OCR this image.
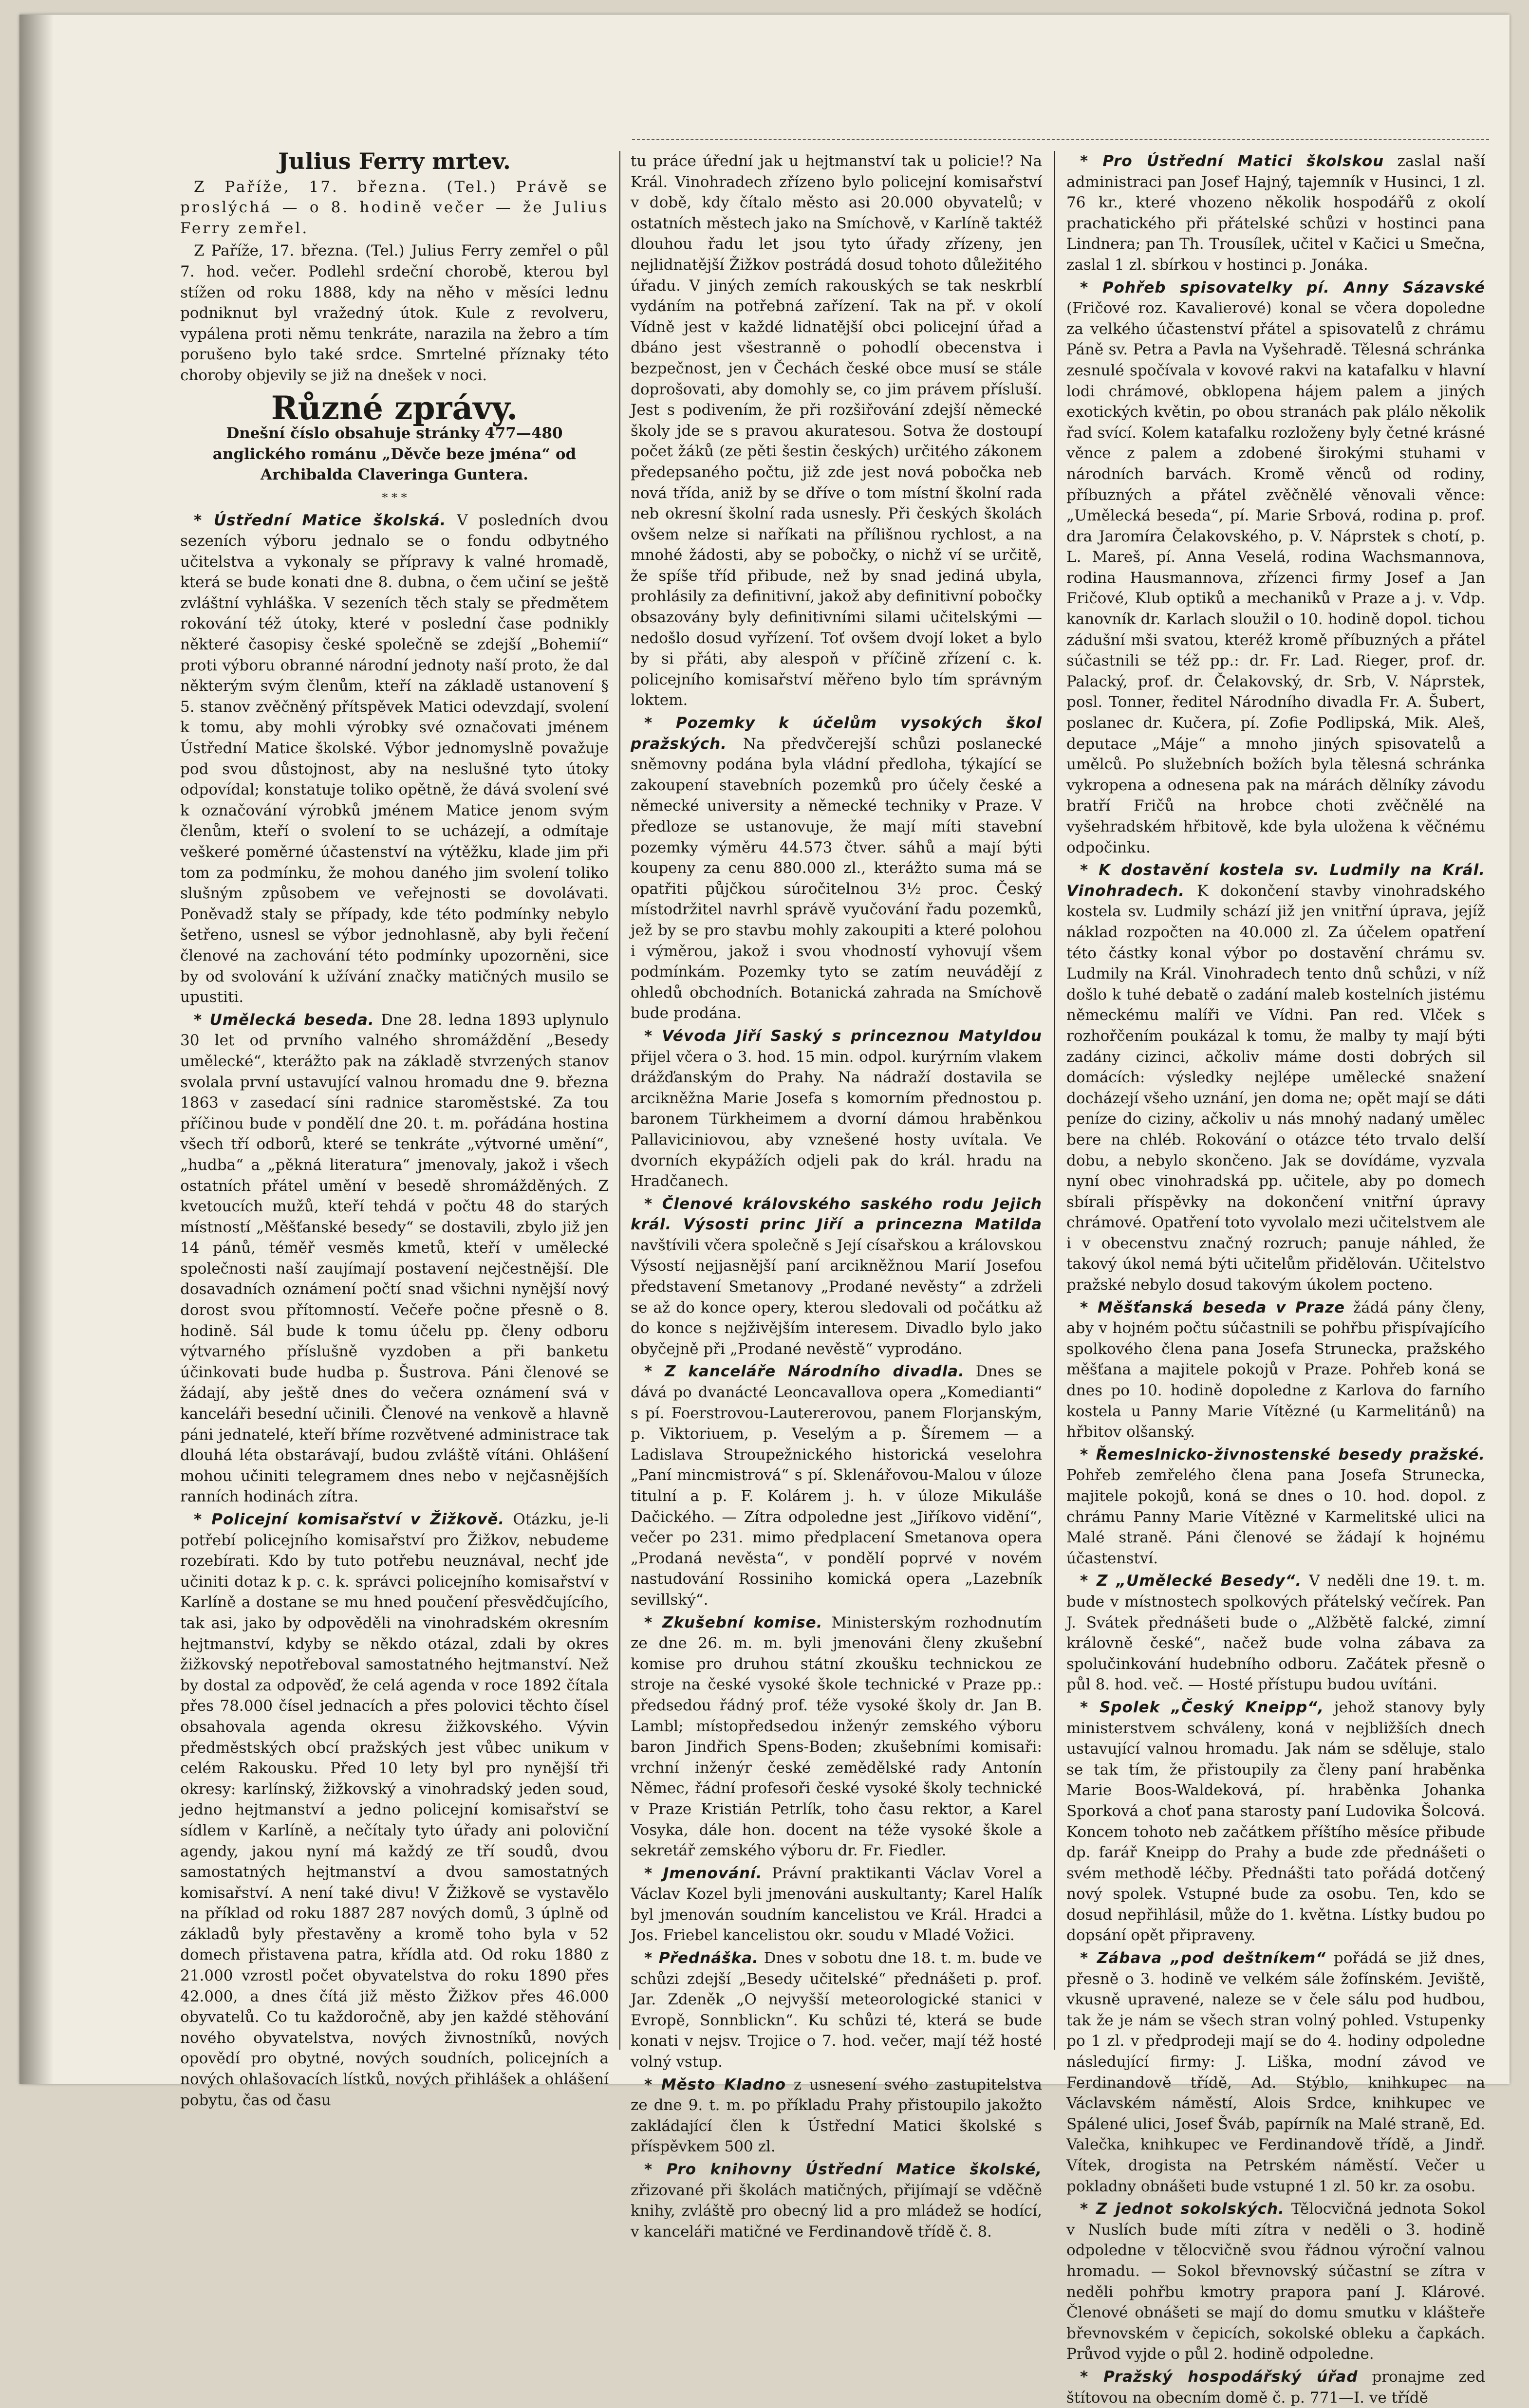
Julius Ferry mrtev.

Z Paříže, 17. března. (Tel.) Právě se proslýchá — o 8. hodině večer — že Julius Ferry zemřel.

Z Paříže, 17. března. (Tel.) Julius Ferry zemřel o půl 7. hod. večer. Podlehl srdeční chorobě, kterou byl stížen od roku 1888, kdy na něho v měsíci lednu podniknut byl vražedný útok. Kule z revolveru, vypálena proti němu tenkráte, narazila na žebro a tím porušeno bylo také srdce. Smrtelné příznaky této choroby objevily se již na dnešek v noci.

Různé zprávy.

Dnešní číslo obsahuje stránky 477—480 anglického románu „Děvče beze jména“ od Archibalda Claveringa Guntera.

* * *

* Ústřední Matice školská. V posledních dvou sezeních výboru jednalo se o fondu odbytného učitelstva a vykonaly se přípravy k valné hromadě, která se bude konati dne 8. dubna, o čem učiní se ještě zvláštní vyhláška. V sezeních těch staly se předmětem rokování též útoky, které v poslední čase podnikly některé časopisy české společně se zdejší „Bohemií“ proti výboru obranné národní jednoty naší proto, že dal některým svým členům, kteří na základě ustanovení § 5. stanov zvěčněný přítspěvek Matici odevzdají, svolení k tomu, aby mohli výrobky své označovati jménem Ústřední Matice školské. Výbor jednomyslně považuje pod svou důstojnost, aby na neslušné tyto útoky odpovídal; konstatuje toliko opětně, že dává svolení své k označování výrobků jménem Matice jenom svým členům, kteří o svolení to se ucházejí, a odmítaje veškeré poměrné účastenství na výtěžku, klade jim při tom za podmínku, že mohou daného jim svolení toliko slušným způsobem ve veřejnosti se dovolávati. Poněvadž staly se případy, kde této podmínky nebylo šetřeno, usnesl se výbor jednohlasně, aby byli řečení členové na zachování této podmínky upozorněni, sice by od svolování k užívání značky matičných musilo se upustiti.

* Umělecká beseda. Dne 28. ledna 1893 uplynulo 30 let od prvního valného shromáždění „Besedy umělecké“, kterážto pak na základě stvrzených stanov svolala první ustavující valnou hromadu dne 9. března 1863 v zasedací síni radnice staroměstské. Za tou příčinou bude v pondělí dne 20. t. m. pořádána hostina všech tří odborů, které se tenkráte „výtvorné umění“, „hudba“ a „pěkná literatura“ jmenovaly, jakož i všech ostatních přátel umění v besedě shromážděných. Z kvetoucích mužů, kteří tehdá v počtu 48 do starých místností „Měšťanské besedy“ se dostavili, zbylo již jen 14 pánů, téměř vesměs kmetů, kteří v umělecké společnosti naší zaujímají postavení nejčestnější. Dle dosavadních oznámení počtí snad všichni nynější nový dorost svou přítomností. Večeře počne přesně o 8. hodině. Sál bude k tomu účelu pp. členy odboru výtvarného příslušně vyzdoben a při banketu účinkovati bude hudba p. Šustrova. Páni členové se žádají, aby ještě dnes do večera oznámení svá v kanceláři besední učinili. Členové na venkově a hlavně páni jednatelé, kteří bříme rozvětvené administrace tak dlouhá léta obstarávají, budou zvláště vítáni. Ohlášení mohou učiniti telegramem dnes nebo v nejčasnějších ranních hodinách zítra.

* Policejní komisařství v Žižkově. Otázku, je-li potřebí policejního komisařství pro Žižkov, nebudeme rozebírati. Kdo by tuto potřebu neuznával, nechť jde učiniti dotaz k p. c. k. správci policejního komisařství v Karlíně a dostane se mu hned poučení přesvědčujícího, tak asi, jako by odpověděli na vinohradském okresním hejtmanství, kdyby se někdo otázal, zdali by okres žižkovský nepotřeboval samostatného hejtmanství. Než by dostal za odpověď, že celá agenda v roce 1892 čítala přes 78.000 čísel jednacích a přes polovici těchto čísel obsahovala agenda okresu žižkovského. Vývin předměstských obcí pražských jest vůbec unikum v celém Rakousku. Před 10 lety byl pro nynější tři okresy: karlínský, žižkovský a vinohradský jeden soud, jedno hejtmanství a jedno policejní komisařství se sídlem v Karlíně, a nečítaly tyto úřady ani poloviční agendy, jakou nyní má každý ze tří soudů, dvou samostatných hejtmanství a dvou samostatných komisařství. A není také divu! V Žižkově se vystavělo na příklad od roku 1887 287 nových domů, 3 úplně od základů byly přestavěny a kromě toho byla v 52 domech přistavena patra, křídla atd. Od roku 1880 z 21.000 vzrostl počet obyvatelstva do roku 1890 přes 42.000, a dnes čítá již město Žižkov přes 46.000 obyvatelů. Co tu každoročně, aby jen každé stěhování nového obyvatelstva, nových živnostníků, nových opovědí pro obytné, nových soudních, policejních a nových ohlašovacích lístků, nových přihlášek a ohlášení pobytu, čas od času

tu práce úřední jak u hejtmanství tak u policie!? Na Král. Vinohradech zřízeno bylo policejní komisařství v době, kdy čítalo město asi 20.000 obyvatelů; v ostatních městech jako na Smíchově, v Karlíně taktéž dlouhou řadu let jsou tyto úřady zřízeny, jen nejlidnatější Žižkov postrádá dosud tohoto důležitého úřadu. V jiných zemích rakouských se tak neskrblí vydáním na potřebná zařízení. Tak na př. v okolí Vídně jest v každé lidnatější obci policejní úřad a dbáno jest všestranně o pohodlí obecenstva i bezpečnost, jen v Čechách české obce musí se stále doprošovati, aby domohly se, co jim právem přísluší. Jest s podivením, že při rozšiřování zdejší německé školy jde se s pravou akuratesou. Sotva že dostoupí počet žáků (ze pěti šestin českých) určitého zákonem předepsaného počtu, již zde jest nová pobočka neb nová třída, aniž by se dříve o tom místní školní rada neb okresní školní rada usnesly. Při českých školách ovšem nelze si naříkati na přílišnou rychlost, a na mnohé žádosti, aby se pobočky, o nichž ví se určitě, že spíše tříd přibude, než by snad jediná ubyla, prohlásily za definitivní, jakož aby definitivní pobočky obsazovány byly definitivními silami učitelskými — nedošlo dosud vyřízení. Toť ovšem dvojí loket a bylo by si přáti, aby alespoň v příčině zřízení c. k. policejního komisařství měřeno bylo tím správným loktem.

* Pozemky k účelům vysokých škol pražských. Na předvčerejší schůzi poslanecké sněmovny podána byla vládní předloha, týkající se zakoupení stavebních pozemků pro účely české a německé university a německé techniky v Praze. V předloze se ustanovuje, že mají míti stavební pozemky výměru 44.573 čtver. sáhů a mají býti koupeny za cenu 880.000 zl., kterážto suma má se opatřiti půjčkou súročitelnou 3½ proc. Český místodržitel navrhl správě vyučování řadu pozemků, jež by se pro stavbu mohly zakoupiti a které polohou i výměrou, jakož i svou vhodností vyhovují všem podmínkám. Pozemky tyto se zatím neuvádějí z ohledů obchodních. Botanická zahrada na Smíchově bude prodána.

* Vévoda Jiří Saský s princeznou Matyldou přijel včera o 3. hod. 15 min. odpol. kurýrním vlakem drážďanským do Prahy. Na nádraží dostavila se arcikněžna Marie Josefa s komorním přednostou p. baronem Türkheimem a dvorní dámou hraběnkou Pallaviciniovou, aby vznešené hosty uvítala. Ve dvorních ekypážích odjeli pak do král. hradu na Hradčanech.

* Členové královského saského rodu Jejich král. Výsosti princ Jiří a princezna Matilda navštívili včera společně s Její císařskou a královskou Výsostí nejjasnější paní arcikněžnou Marií Josefou představení Smetanovy „Prodané nevěsty“ a zdrželi se až do konce opery, kterou sledovali od počátku až do konce s nejživějším interesem. Divadlo bylo jako obyčejně při „Prodané nevěstě“ vyprodáno.

* Z kanceláře Národního divadla. Dnes se dává po dvanácté Leoncavallova opera „Komedianti“ s pí. Foerstrovou-Lautererovou, panem Florjanským, p. Viktoriuem, p. Veselým a p. Šíremem — a Ladislava Stroupežnického historická veselohra „Paní mincmistrová“ s pí. Sklenářovou-Malou v úloze titulní a p. F. Kolárem j. h. v úloze Mikuláše Dačického. — Zítra odpoledne jest „Jiříkovo vidění“, večer po 231. mimo předplacení Smetanova opera „Prodaná nevěsta“, v pondělí poprvé v novém nastudování Rossiniho komická opera „Lazebník sevillský“.

* Zkušební komise. Ministerským rozhodnutím ze dne 26. m. m. byli jmenováni členy zkušební komise pro druhou státní zkoušku technickou ze stroje na české vysoké škole technické v Praze pp.: předsedou řádný prof. téže vysoké školy dr. Jan B. Lambl; místopředsedou inženýr zemského výboru baron Jindřich Spens-Boden; zkušebními komisaři: vrchní inženýr české zemědělské rady Antonín Němec, řádní profesoři české vysoké školy technické v Praze Kristián Petrlík, toho času rektor, a Karel Vosyka, dále hon. docent na téže vysoké škole a sekretář zemského výboru dr. Fr. Fiedler.

* Jmenování. Právní praktikanti Václav Vorel a Václav Kozel byli jmenováni auskultanty; Karel Halík byl jmenován soudním kancelistou ve Král. Hradci a Jos. Friebel kancelistou okr. soudu v Mladé Vožici.

* Přednáška. Dnes v sobotu dne 18. t. m. bude ve schůzi zdejší „Besedy učitelské“ přednášeti p. prof. Jar. Zdeněk „O nejvyšší meteorologické stanici v Evropě, Sonnblickn“. Ku schůzi té, která se bude konati v nejsv. Trojice o 7. hod. večer, mají též hosté volný vstup.

* Město Kladno z usnesení svého zastupitelstva ze dne 9. t. m. po příkladu Prahy přistoupilo jakožto zakládající člen k Ústřední Matici školské s příspěvkem 500 zl.

* Pro knihovny Ústřední Matice školské, zřizované při školách matičných, přijímají se vděčně knihy, zvláště pro obecný lid a pro mládež se hodící, v kanceláři matičné ve Ferdinandově třídě č. 8.

* Pro Ústřední Matici školskou zaslal naší administraci pan Josef Hajný, tajemník v Husinci, 1 zl. 76 kr., které vhozeno několik hospodářů z okolí prachatického při přátelské schůzi v hostinci pana Lindnera; pan Th. Trousílek, učitel v Kačici u Smečna, zaslal 1 zl. sbírkou v hostinci p. Jonáka.

* Pohřeb spisovatelky pí. Anny Sázavské (Fričové roz. Kavalierové) konal se včera dopoledne za velkého účastenství přátel a spisovatelů z chrámu Páně sv. Petra a Pavla na Vyšehradě. Tělesná schránka zesnulé spočívala v kovové rakvi na katafalku v hlavní lodi chrámové, obklopena hájem palem a jiných exotických květin, po obou stranách pak plálo několik řad svící. Kolem katafalku rozloženy byly četné krásné věnce z palem a zdobené širokými stuhami v národních barvách. Kromě věnců od rodiny, příbuzných a přátel zvěčnělé věnovali věnce: „Umělecká beseda“, pí. Marie Srbová, rodina p. prof. dra Jaromíra Čelakovského, p. V. Náprstek s chotí, p. L. Mareš, pí. Anna Veselá, rodina Wachsmannova, rodina Hausmannova, zřízenci firmy Josef a Jan Fričové, Klub optiků a mechaniků v Praze a j. v. Vdp. kanovník dr. Karlach sloužil o 10. hodině dopol. tichou zádušní mši svatou, kteréž kromě příbuzných a přátel súčastnili se též pp.: dr. Fr. Lad. Rieger, prof. dr. Palacký, prof. dr. Čelakovský, dr. Srb, V. Náprstek, posl. Tonner, ředitel Národního divadla Fr. A. Šubert, poslanec dr. Kučera, pí. Zofie Podlipská, Mik. Aleš, deputace „Máje“ a mnoho jiných spisovatelů a umělců. Po služebních božích byla tělesná schránka vykropena a odnesena pak na márách dělníky závodu bratří Fričů na hrobce choti zvěčnělé na vyšehradském hřbitově, kde byla uložena k věčnému odpočinku.

* K dostavění kostela sv. Ludmily na Král. Vinohradech. K dokončení stavby vinohradského kostela sv. Ludmily schází již jen vnitřní úprava, jejíž náklad rozpočten na 40.000 zl. Za účelem opatření této částky konal výbor po dostavění chrámu sv. Ludmily na Král. Vinohradech tento dnů schůzi, v níž došlo k tuhé debatě o zadání maleb kostelních jistému německému malíři ve Vídni. Pan red. Vlček s rozhořčením poukázal k tomu, že malby ty mají býti zadány cizinci, ačkoliv máme dosti dobrých sil domácích: výsledky nejlépe umělecké snažení docházejí všeho uznání, jen doma ne; opět mají se dáti peníze do ciziny, ačkoliv u nás mnohý nadaný umělec bere na chléb. Rokování o otázce této trvalo delší dobu, a nebylo skončeno. Jak se dovídáme, vyzvala nyní obec vinohradská pp. učitele, aby po domech sbírali příspěvky na dokončení vnitřní úpravy chrámové. Opatření toto vyvolalo mezi učitelstvem ale i v obecenstvu značný rozruch; panuje náhled, že takový úkol nemá býti učitelům přidělován. Učitelstvo pražské nebylo dosud takovým úkolem pocteno.

* Měšťanská beseda v Praze žádá pány členy, aby v hojném počtu súčastnili se pohřbu přispívajícího spolkového člena pana Josefa Strunecka, pražského měšťana a majitele pokojů v Praze. Pohřeb koná se dnes po 10. hodině dopoledne z Karlova do farního kostela u Panny Marie Vítězné (u Karmelitánů) na hřbitov olšanský.

* Řemeslnicko-živnostenské besedy pražské. Pohřeb zemřelého člena pana Josefa Strunecka, majitele pokojů, koná se dnes o 10. hod. dopol. z chrámu Panny Marie Vítězné v Karmelitské ulici na Malé straně. Páni členové se žádají k hojnému účastenství.

* Z „Umělecké Besedy“. V neděli dne 19. t. m. bude v místnostech spolkových přátelský večírek. Pan J. Svátek přednášeti bude o „Alžbětě falcké, zimní královně české“, načež bude volna zábava za spolučinkování hudebního odboru. Začátek přesně o půl 8. hod. več. — Hosté přístupu budou uvítáni.

* Spolek „Český Kneipp“, jehož stanovy byly ministerstvem schváleny, koná v nejbližších dnech ustavující valnou hromadu. Jak nám se sděluje, stalo se tak tím, že přistoupily za členy paní hraběnka Marie Boos-Waldeková, pí. hraběnka Johanka Sporková a choť pana starosty paní Ludovika Šolcová. Koncem tohoto neb začátkem příštího měsíce přibude dp. farář Kneipp do Prahy a bude zde přednášeti o svém methodě léčby. Přednášti tato pořádá dotčený nový spolek. Vstupné bude za osobu. Ten, kdo se dosud nepřihlásil, může do 1. května. Lístky budou po dopsání opět připraveny.

* Zábava „pod deštníkem“ pořádá se již dnes, přesně o 3. hodině ve velkém sále žofínském. Jeviště, vkusně upravené, naleze se v čele sálu pod hudbou, tak že je nám se všech stran volný pohled. Vstupenky po 1 zl. v předprodeji mají se do 4. hodiny odpoledne následující firmy: J. Liška, modní závod ve Ferdinandově třídě, Ad. Stýblo, knihkupec na Václavském náměstí, Alois Srdce, knihkupec ve Spálené ulici, Josef Šváb, papírník na Malé straně, Ed. Valečka, knihkupec ve Ferdinandově třídě, a Jindř. Vítek, drogista na Petrském náměstí. Večer u pokladny obnášeti bude vstupné 1 zl. 50 kr. za osobu.

* Z jednot sokolských. Tělocvičná jednota Sokol v Nuslích bude míti zítra v neděli o 3. hodině odpoledne v tělocvičně svou řádnou výroční valnou hromadu. — Sokol břevnovský súčastní se zítra v neděli pohřbu kmotry prapora paní J. Klárové. Členové obnášeti se mají do domu smutku v klášteře břevnovském v čepicích, sokolské obleku a čapkách. Průvod vyjde o půl 2. hodině odpoledne.

* Pražský hospodářský úřad pronajme zed štítovou na obecním domě č. p. 771—I. ve třídě
